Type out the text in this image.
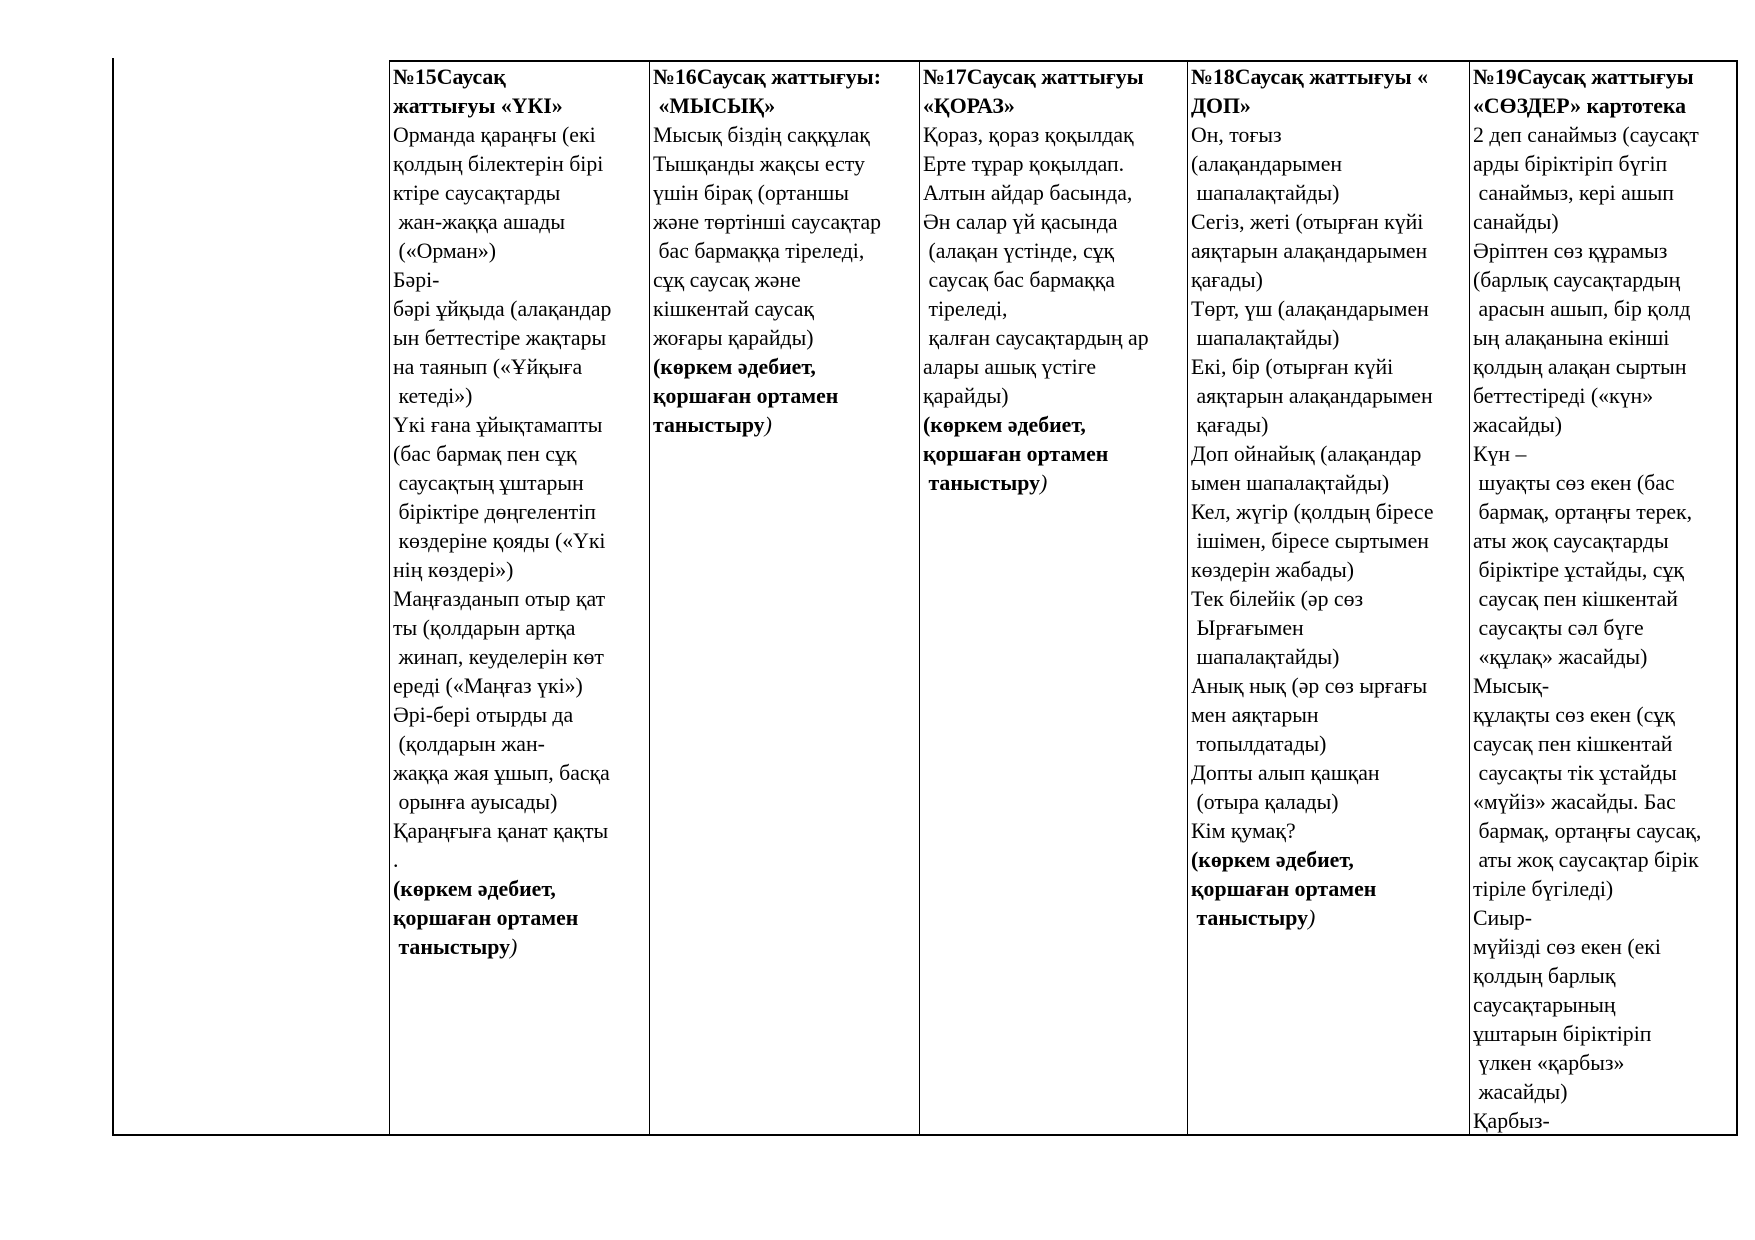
№15Саусақ
жаттығуы «ҮКІ»
Орманда қараңғы (екі
қолдың білектерін бірі
ктіре саусақтарды
жан-жаққа ашады
(«Орман»)
Бәрі-
бәрі ұйқыда (алақандар
ын беттестіре жақтары
на таянып («Ұйқыға
кетеді»)
Үкі ғана ұйықтамапты
(бас бармақ пен сұқ
саусақтың ұштарын
біріктіре дөңгелентіп
көздеріне қояды («Үкі
нің көздері»)
Маңғазданып отыр қат
ты (қолдарын артқа
жинап, кеуделерін көт
ереді («Маңғаз үкі»)
Әрі-бері отырды да
(қолдарын жан-
жаққа жая ұшып, басқа
орынға ауысады)
Қараңғыға қанат қақты
.
(көркем әдебиет,
қоршаған ортамен
таныстыру)
№16Саусақ жаттығуы:
«МЫСЫҚ»
Мысық біздің саққұлақ
Тышқанды жақсы есту
үшін бірақ (ортаншы
және төртінші саусақтар
бас бармаққа тіреледі,
сұқ саусақ және
кішкентай саусақ
жоғары қарайды)
(көркем әдебиет,
қоршаған ортамен
таныстыру)
№17Саусақ жаттығуы
«ҚОРАЗ»
Қораз, қораз қоқылдақ
Ерте тұрар қоқылдап.
Алтын айдар басында,
Ән салар үй қасында
(алақан үстінде, сұқ
саусақ бас бармаққа
тіреледі,
қалған саусақтардың ар
алары ашық үстіге
қарайды)
(көркем әдебиет,
қоршаған ортамен
таныстыру)
№18Саусақ жаттығуы «
ДОП»
Он, тоғыз
(алақандарымен
шапалақтайды)
Сегіз, жеті (отырған күйі
аяқтарын алақандарымен
қағады)
Төрт, үш (алақандарымен
шапалақтайды)
Екі, бір (отырған күйі
аяқтарын алақандарымен
қағады)
Доп ойнайық (алақандар
ымен шапалақтайды)
Кел, жүгір (қолдың біресе
ішімен, біресе сыртымен
көздерін жабады)
Тек білейік (әр сөз
Ырғағымен
шапалақтайды)
Анық нық (әр сөз ырғағы
мен аяқтарын
топылдатады)
Допты алып қашқан
(отыра қалады)
Кім қумақ?
(көркем әдебиет,
қоршаған ортамен
таныстыру)
№19Саусақ жаттығуы
«СӨЗДЕР» картотека
2 деп санаймыз (саусақт
арды біріктіріп бүгіп
санаймыз, кері ашып
санайды)
Әріптен сөз құрамыз
(барлық саусақтардың
арасын ашып, бір қолд
ың алақанына екінші
қолдың алақан сыртын
беттестіреді («күн»
жасайды)
Күн –
шуақты сөз екен (бас
бармақ, ортаңғы терек,
аты жоқ саусақтарды
біріктіре ұстайды, сұқ
саусақ пен кішкентай
саусақты сәл бүге
«құлақ» жасайды)
Мысық-
құлақты сөз екен (сұқ
саусақ пен кішкентай
саусақты тік ұстайды
«мүйіз» жасайды. Бас
бармақ, ортаңғы саусақ,
аты жоқ саусақтар бірік
тіріле бүгіледі)
Сиыр-
мүйізді сөз екен (екі
қолдың барлық
саусақтарының
ұштарын біріктіріп
үлкен «қарбыз»
жасайды)
Қарбыз-
